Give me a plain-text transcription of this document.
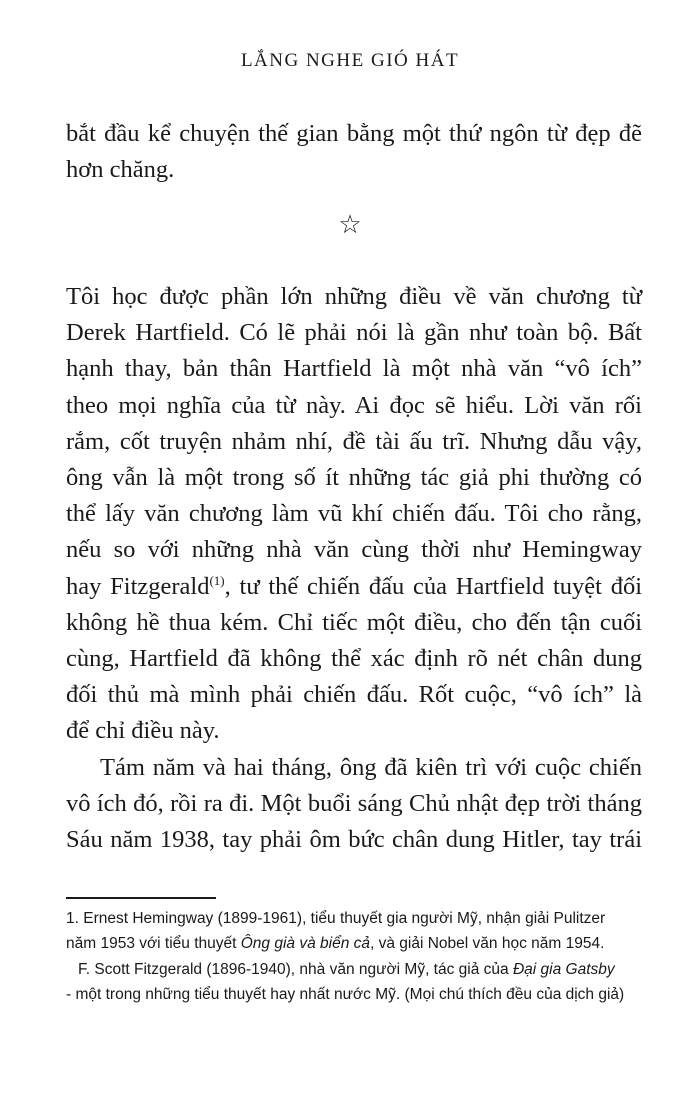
LẮNG NGHE GIÓ HÁT
bắt đầu kể chuyện thế gian bằng một thứ ngôn từ đẹp đẽ
hơn chăng.
☆
Tôi học được phần lớn những điều về văn chương từ
Derek Hartfield. Có lẽ phải nói là gần như toàn bộ. Bất
hạnh thay, bản thân Hartfield là một nhà văn “vô ích”
theo mọi nghĩa của từ này. Ai đọc sẽ hiểu. Lời văn rối
rắm, cốt truyện nhảm nhí, đề tài ấu trĩ. Nhưng dẫu vậy,
ông vẫn là một trong số ít những tác giả phi thường có
thể lấy văn chương làm vũ khí chiến đấu. Tôi cho rằng,
nếu so với những nhà văn cùng thời như Hemingway
hay Fitzgerald$^{(1)}$, tư thế chiến đấu của Hartfield tuyệt đối
không hề thua kém. Chỉ tiếc một điều, cho đến tận cuối
cùng, Hartfield đã không thể xác định rõ nét chân dung
đối thủ mà mình phải chiến đấu. Rốt cuộc, “vô ích” là
để chỉ điều này.
Tám năm và hai tháng, ông đã kiên trì với cuộc chiến
vô ích đó, rồi ra đi. Một buổi sáng Chủ nhật đẹp trời tháng
Sáu năm 1938, tay phải ôm bức chân dung Hitler, tay trái
1. Ernest Hemingway (1899-1961), tiểu thuyết gia người Mỹ, nhận giải Pulitzer
năm 1953 với tiểu thuyết Ông già và biển cả, và giải Nobel văn học năm 1954.
F. Scott Fitzgerald (1896-1940), nhà văn người Mỹ, tác giả của Đại gia Gatsby
- một trong những tiểu thuyết hay nhất nước Mỹ. (Mọi chú thích đều của dịch giả)
